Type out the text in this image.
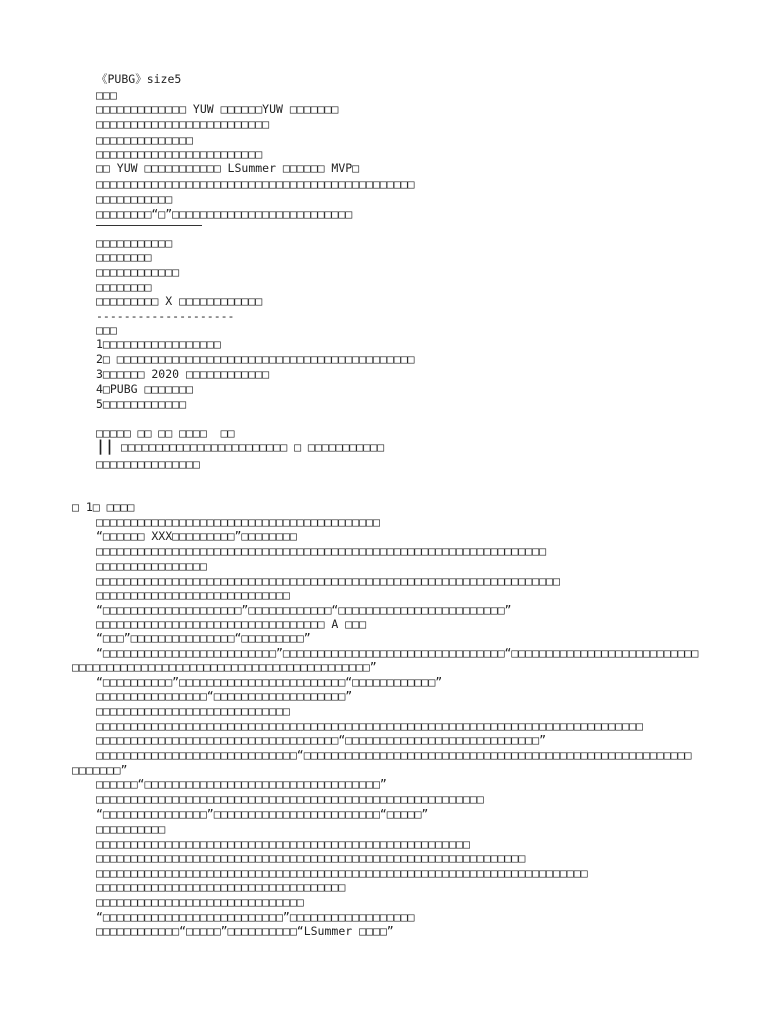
《PUBG》size5
□□□
□□□□□□□□□□□□□ YUW □□□□□□YUW □□□□□□□
□□□□□□□□□□□□□□□□□□□□□□□□□
□□□□□□□□□□□□□□
□□□□□□□□□□□□□□□□□□□□□□□□
□□ YUW □□□□□□□□□□□ LSummer □□□□□□ MVP□
□□□□□□□□□□□□□□□□□□□□□□□□□□□□□□□□□□□□□□□□□□□□□□
□□□□□□□□□□□
□□□□□□□□“□”□□□□□□□□□□□□□□□□□□□□□□□□□□
□□□□□□□□□□□
□□□□□□□□
□□□□□□□□□□□□
□□□□□□□□
□□□□□□□□□ X □□□□□□□□□□□□
--------------------
□□□
1□□□□□□□□□□□□□□□□□
2□ □□□□□□□□□□□□□□□□□□□□□□□□□□□□□□□□□□□□□□□□□□□
3□□□□□□ 2020 □□□□□□□□□□□□
4□PUBG □□□□□□□
5□□□□□□□□□□□□
□□□□□ □□ □□ □□□□  □□
|| □□□□□□□□□□□□□□□□□□□□□□□□ □ □□□□□□□□□□□
□□□□□□□□□□□□□□□
□ 1□ □□□□
□□□□□□□□□□□□□□□□□□□□□□□□□□□□□□□□□□□□□□□□□
“□□□□□□ XXX□□□□□□□□□”□□□□□□□□
□□□□□□□□□□□□□□□□□□□□□□□□□□□□□□□□□□□□□□□□□□□□□□□□□□□□□□□□□□□□□□□□□
□□□□□□□□□□□□□□□□
□□□□□□□□□□□□□□□□□□□□□□□□□□□□□□□□□□□□□□□□□□□□□□□□□□□□□□□□□□□□□□□□□□□
□□□□□□□□□□□□□□□□□□□□□□□□□□□□
“□□□□□□□□□□□□□□□□□□□□”□□□□□□□□□□□□“□□□□□□□□□□□□□□□□□□□□□□□□”
□□□□□□□□□□□□□□□□□□□□□□□□□□□□□□□□□ A □□□
“□□□”□□□□□□□□□□□□□□□“□□□□□□□□□”
“□□□□□□□□□□□□□□□□□□□□□□□□□”□□□□□□□□□□□□□□□□□□□□□□□□□□□□□□□□“□□□□□□□□□□□□□□□□□□□□□□□□□□□
□□□□□□□□□□□□□□□□□□□□□□□□□□□□□□□□□□□□□□□□□□□”
“□□□□□□□□□□”□□□□□□□□□□□□□□□□□□□□□□□□“□□□□□□□□□□□□”
□□□□□□□□□□□□□□□□“□□□□□□□□□□□□□□□□□□□”
□□□□□□□□□□□□□□□□□□□□□□□□□□□□
□□□□□□□□□□□□□□□□□□□□□□□□□□□□□□□□□□□□□□□□□□□□□□□□□□□□□□□□□□□□□□□□□□□□□□□□□□□□□□□
□□□□□□□□□□□□□□□□□□□□□□□□□□□□□□□□□□□“□□□□□□□□□□□□□□□□□□□□□□□□□□□□”
□□□□□□□□□□□□□□□□□□□□□□□□□□□□□“□□□□□□□□□□□□□□□□□□□□□□□□□□□□□□□□□□□□□□□□□□□□□□□□□□□□□□□□
□□□□□□□”
□□□□□□“□□□□□□□□□□□□□□□□□□□□□□□□□□□□□□□□□□”
□□□□□□□□□□□□□□□□□□□□□□□□□□□□□□□□□□□□□□□□□□□□□□□□□□□□□□□□
“□□□□□□□□□□□□□□□”□□□□□□□□□□□□□□□□□□□□□□□□“□□□□□”
□□□□□□□□□□
□□□□□□□□□□□□□□□□□□□□□□□□□□□□□□□□□□□□□□□□□□□□□□□□□□□□□□
□□□□□□□□□□□□□□□□□□□□□□□□□□□□□□□□□□□□□□□□□□□□□□□□□□□□□□□□□□□□□□
□□□□□□□□□□□□□□□□□□□□□□□□□□□□□□□□□□□□□□□□□□□□□□□□□□□□□□□□□□□□□□□□□□□□□□□
□□□□□□□□□□□□□□□□□□□□□□□□□□□□□□□□□□□□
□□□□□□□□□□□□□□□□□□□□□□□□□□□□□□
“□□□□□□□□□□□□□□□□□□□□□□□□□□”□□□□□□□□□□□□□□□□□□
□□□□□□□□□□□□“□□□□□”□□□□□□□□□□“LSummer □□□□”
